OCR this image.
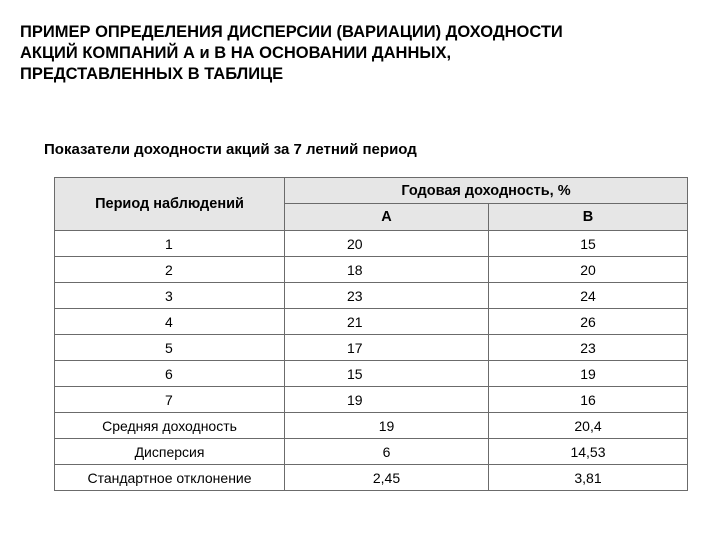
ПРИМЕР ОПРЕДЕЛЕНИЯ ДИСПЕРСИИ (ВАРИАЦИИ) ДОХОДНОСТИ
АКЦИЙ КОМПАНИЙ А и В НА ОСНОВАНИИ ДАННЫХ,
ПРЕДСТАВЛЕННЫХ В ТАБЛИЦЕ

Показатели доходности акций за 7 летний период

Период наблюдений	Годовая доходность, %	
	А	В
1	20	15
2	18	20
3	23	24
4	21	26
5	17	23
6	15	19
7	19	16
Средняя доходность	19	20,4
Дисперсия	6	14,53
Стандартное отклонение	2,45	3,81
